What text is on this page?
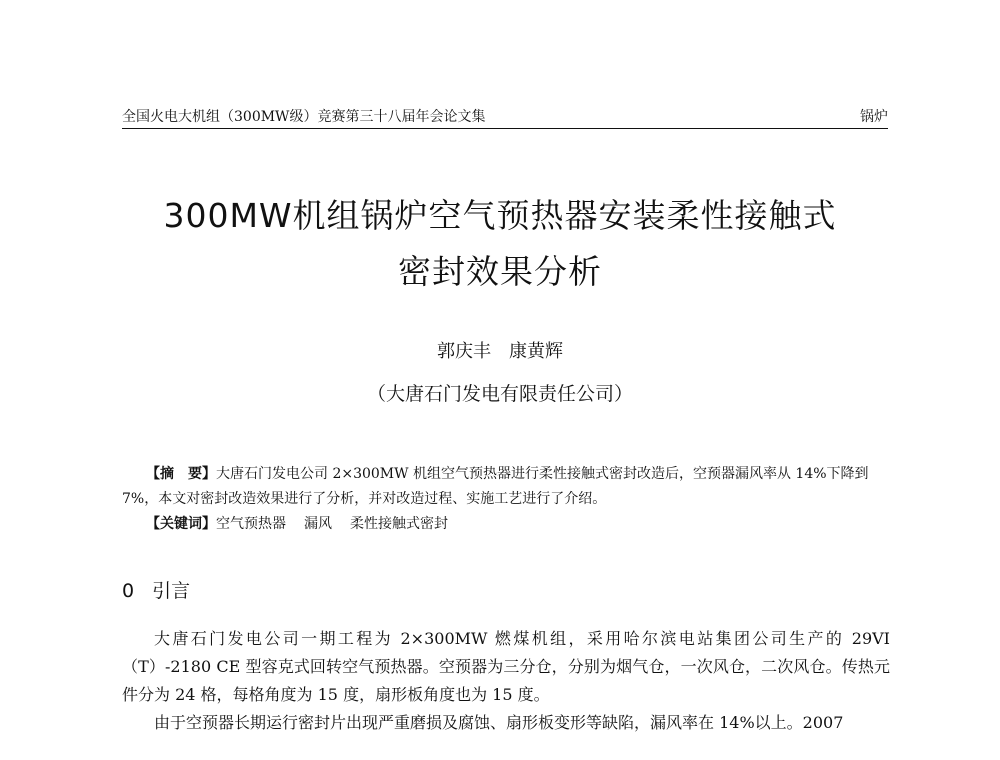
全国火电大机组（300MW级）竞赛第三十八届年会论文集	锅炉
300MW机组锅炉空气预热器安装柔性接触式
密封效果分析
郭庆丰 康黄辉
（大唐石门发电有限责任公司）

【摘　要】大唐石门发电公司 2×300MW 机组空气预热器进行柔性接触式密封改造后，空预器漏风率从 14%下降到 7%，本文对密封改造效果进行了分析，并对改造过程、实施工艺进行了介绍。

【关键词】空气预热器 漏风 柔性接触式密封

0 引言

大唐石门发电公司一期工程为 2×300MW 燃煤机组，采用哈尔滨电站集团公司生产的 29VI（T）-2180 CE 型容克式回转空气预热器。空预器为三分仓，分别为烟气仓，一次风仓，二次风仓。传热元件分为 24 格，每格角度为 15 度，扇形板角度也为 15 度。

由于空预器长期运行密封片出现严重磨损及腐蚀、扇形板变形等缺陷，漏风率在 14%以上。2007
